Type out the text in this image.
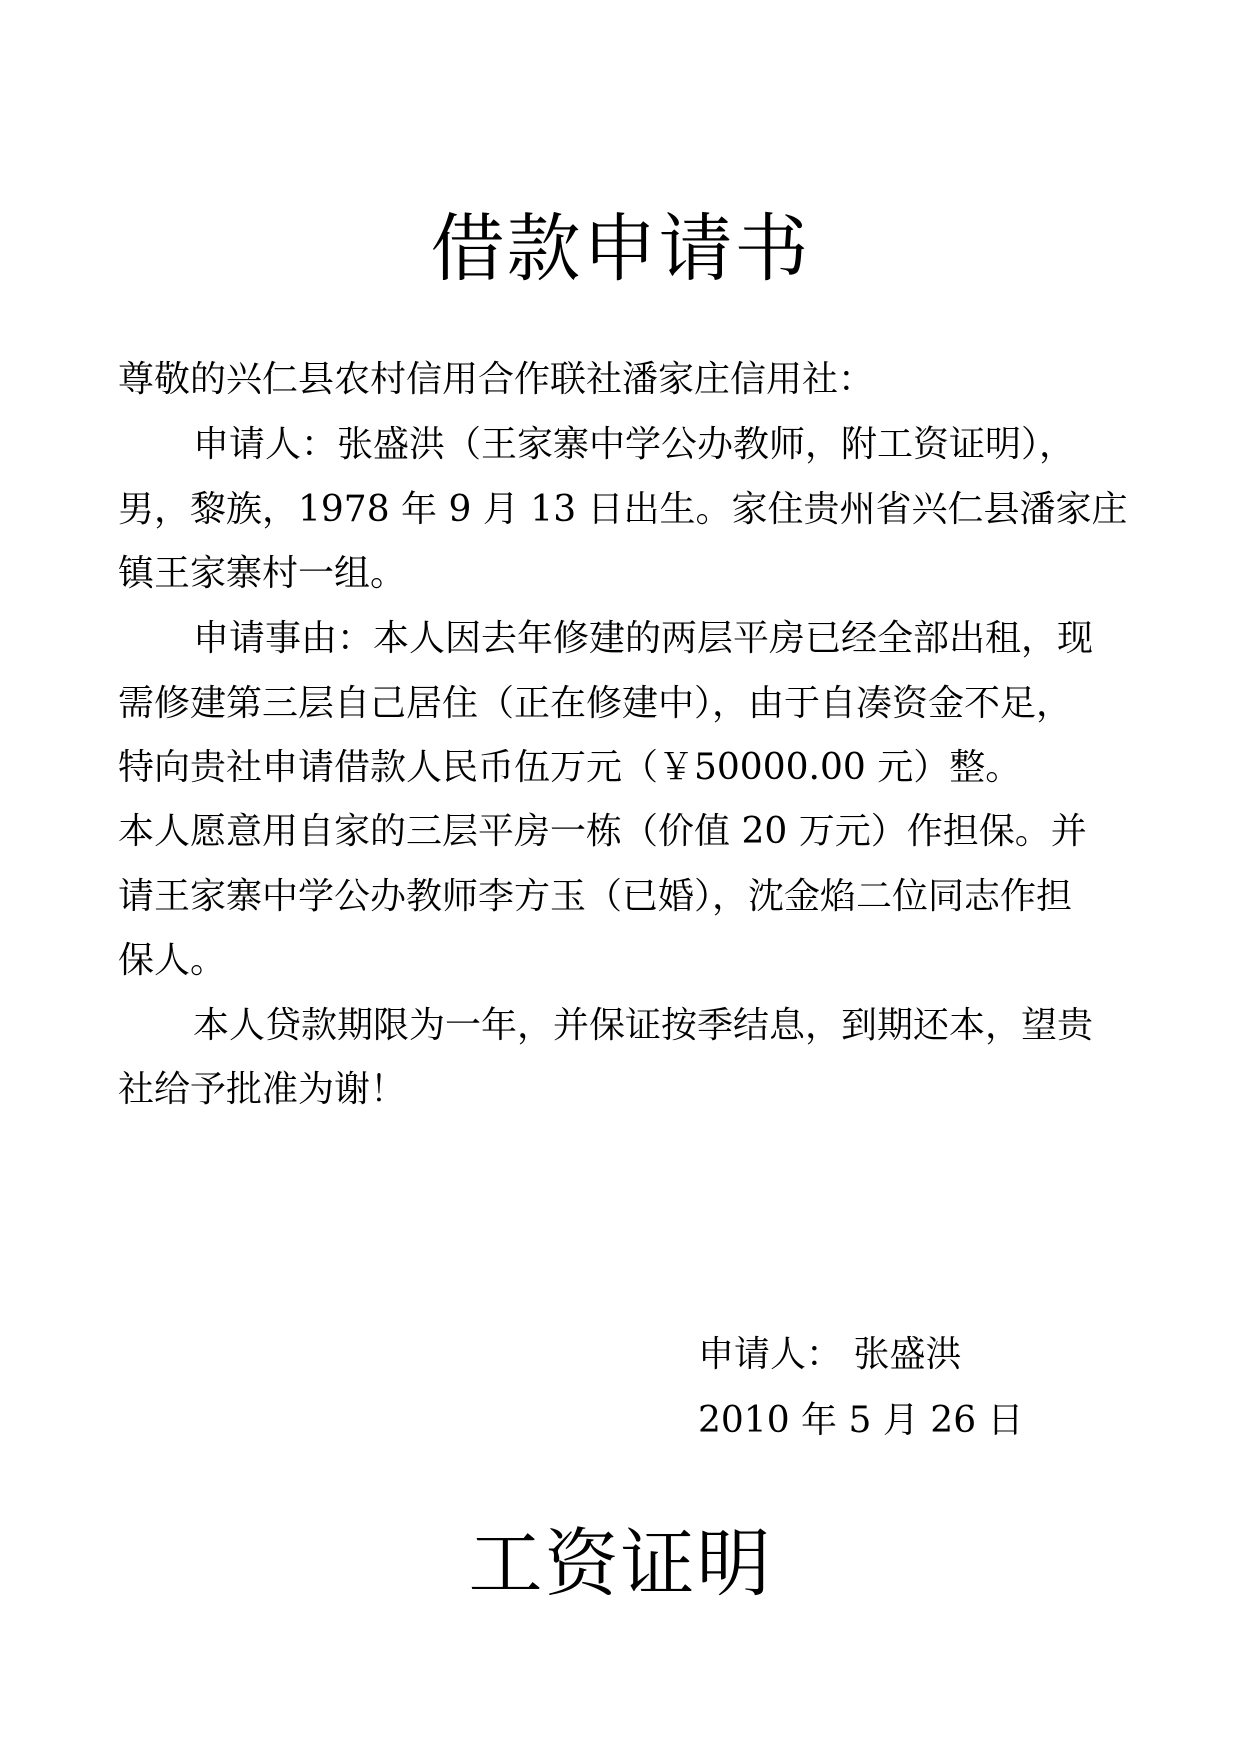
借款申请书
尊敬的兴仁县农村信用合作联社潘家庄信用社：
申请人：张盛洪（王家寨中学公办教师，附工资证明），
男，黎族，1978 年 9 月 13 日出生。家住贵州省兴仁县潘家庄
镇王家寨村一组。
申请事由：本人因去年修建的两层平房已经全部出租，现
需修建第三层自己居住（正在修建中），由于自凑资金不足，
特向贵社申请借款人民币伍万元（￥50000.00 元）整。
本人愿意用自家的三层平房一栋（价值 20 万元）作担保。并
请王家寨中学公办教师李方玉（已婚），沈金焰二位同志作担
保人。
本人贷款期限为一年，并保证按季结息，到期还本，望贵
社给予批准为谢！
申请人： 张盛洪
2010 年 5 月 26 日
工资证明
